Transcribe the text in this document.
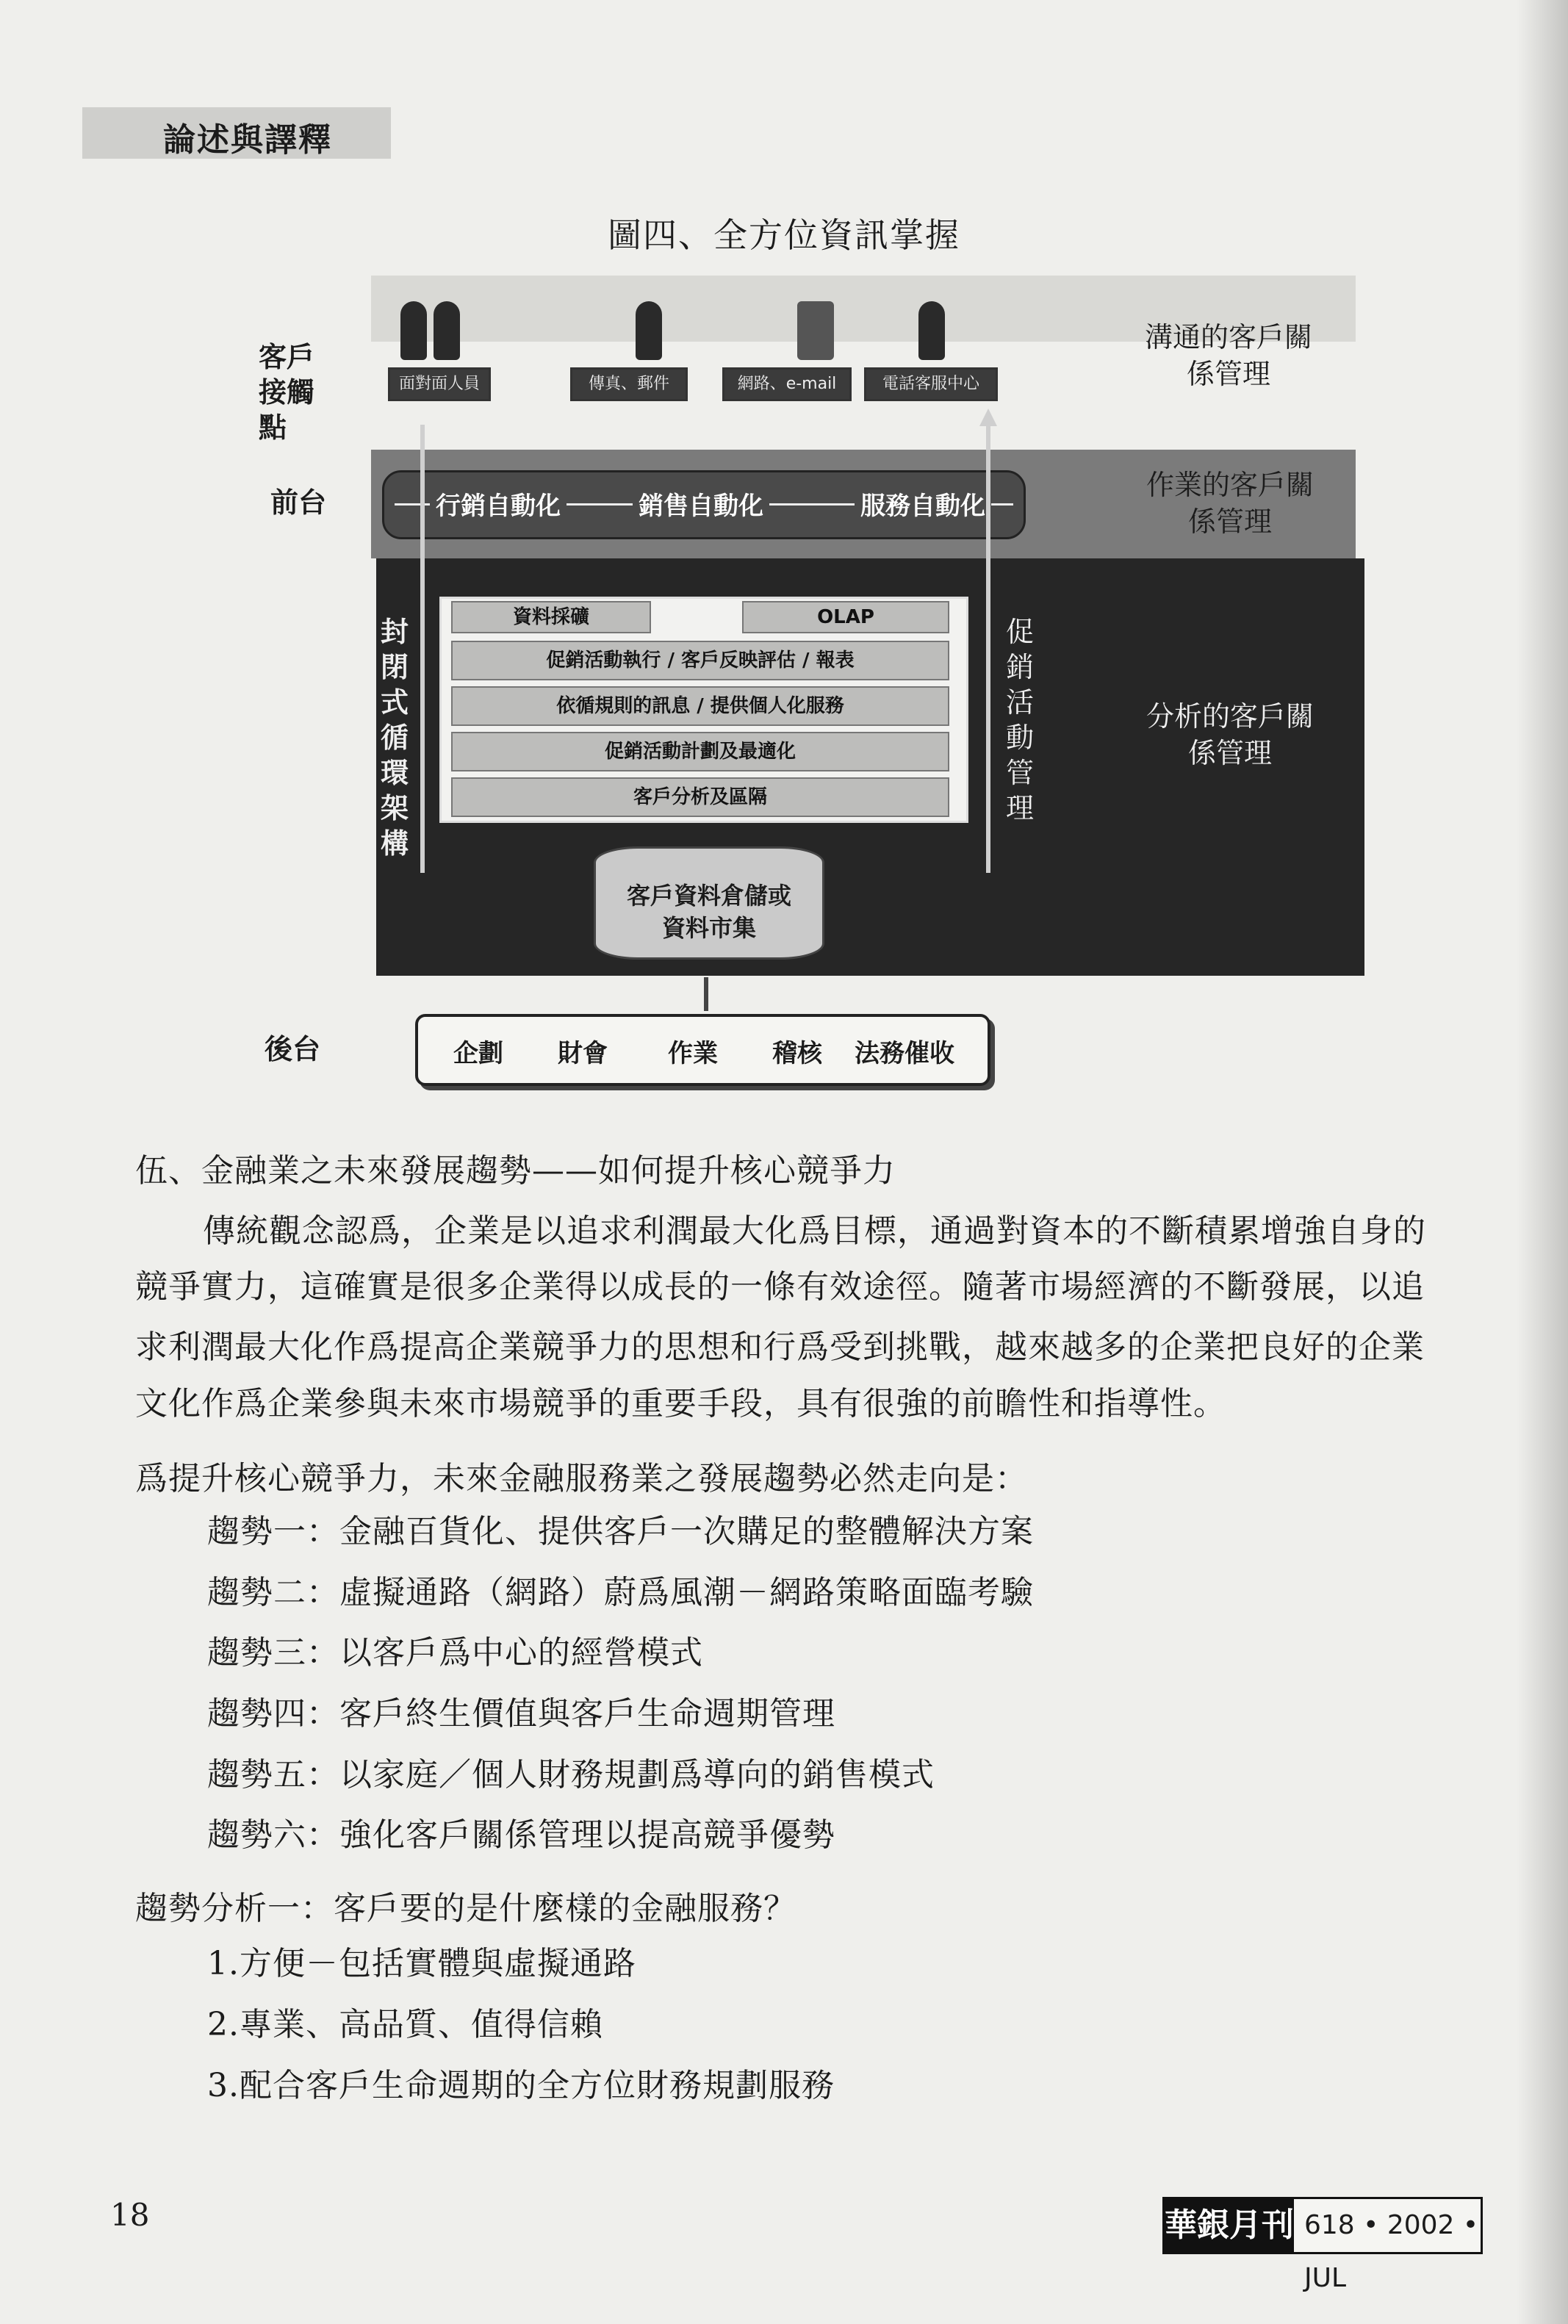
論述與譯釋
圖四、全方位資訊掌握
客戶接觸點
前台
後台
面對面人員	傳真、郵件	網路、e-mail	電話客服中心
溝通的客戶關係管理
行銷自動化	銷售自動化	服務自動化
作業的客戶關係管理
封閉式循環架構
促銷活動管理
資料採礦	OLAP
促銷活動執行 / 客戶反映評估 / 報表
依循規則的訊息 / 提供個人化服務
促銷活動計劃及最適化
客戶分析及區隔
分析的客戶關係管理
客戶資料倉儲或
資料市集
企劃 財會 作業 稽核 法務催收
伍、金融業之未來發展趨勢——如何提升核心競爭力
傳統觀念認爲，企業是以追求利潤最大化爲目標，通過對資本的不斷積累增強自身的
競爭實力，這確實是很多企業得以成長的一條有效途徑。隨著市場經濟的不斷發展，以追
求利潤最大化作爲提高企業競爭力的思想和行爲受到挑戰，越來越多的企業把良好的企業
文化作爲企業參與未來市場競爭的重要手段，具有很強的前瞻性和指導性。
爲提升核心競爭力，未來金融服務業之發展趨勢必然走向是：
趨勢一：金融百貨化、提供客戶一次購足的整體解決方案
趨勢二：虛擬通路（網路）蔚爲風潮－網路策略面臨考驗
趨勢三：以客戶爲中心的經營模式
趨勢四：客戶終生價值與客戶生命週期管理
趨勢五：以家庭／個人財務規劃爲導向的銷售模式
趨勢六：強化客戶關係管理以提高競爭優勢
趨勢分析一：客戶要的是什麼樣的金融服務？
1.方便－包括實體與虛擬通路
2.專業、高品質、值得信賴
3.配合客戶生命週期的全方位財務規劃服務
18	華銀月刊 618 • 2002 • JUL
